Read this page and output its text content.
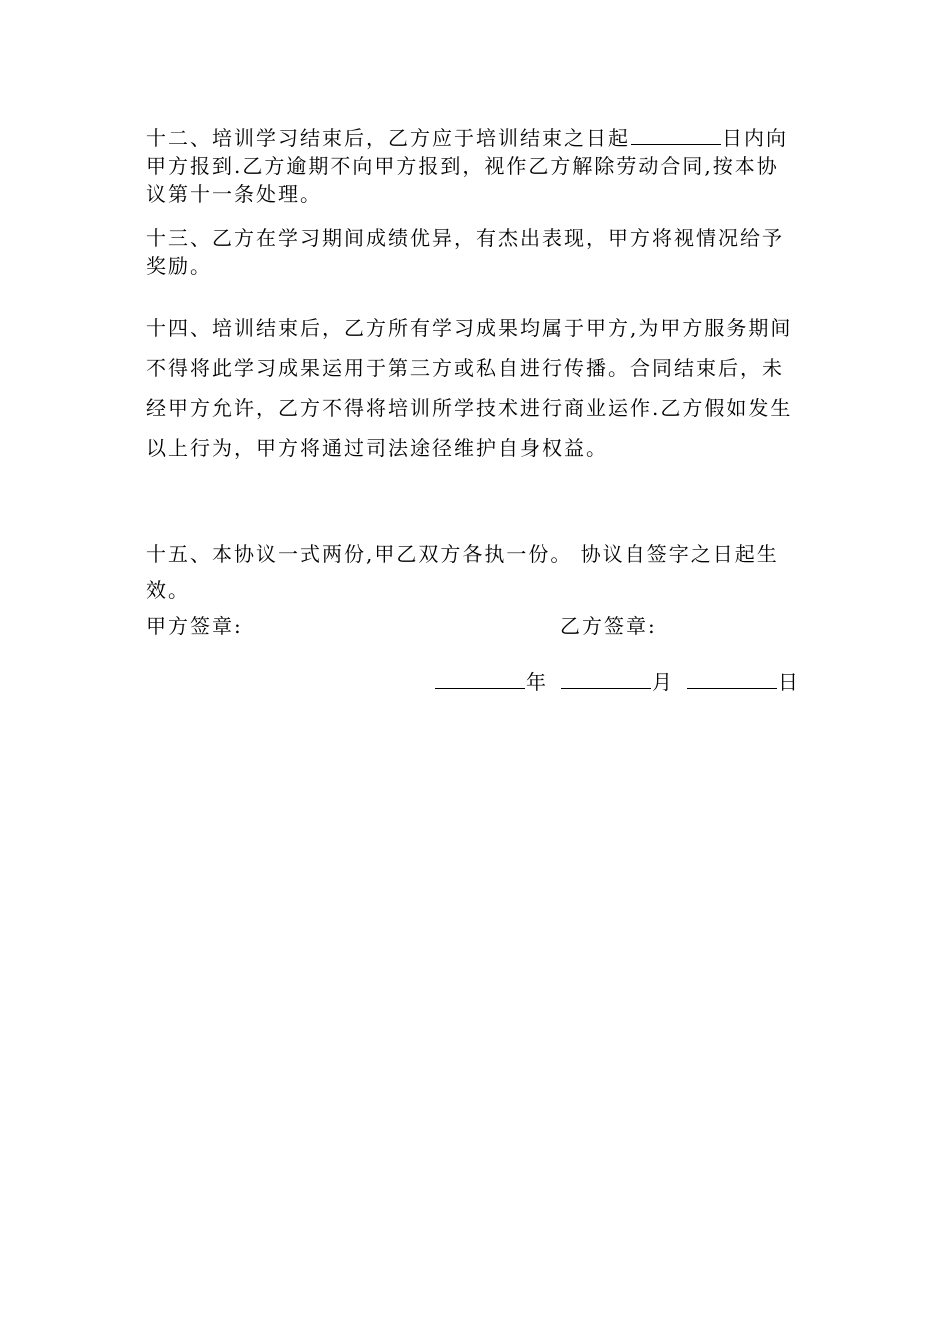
十二、培训学习结束后，乙方应于培训结束之日起	日内向
甲方报到.乙方逾期不向甲方报到，视作乙方解除劳动合同,按本协
议第十一条处理。
十三、乙方在学习期间成绩优异，有杰出表现，甲方将视情况给予
奖励。
十四、培训结束后，乙方所有学习成果均属于甲方,为甲方服务期间
不得将此学习成果运用于第三方或私自进行传播。合同结束后，未
经甲方允许，乙方不得将培训所学技术进行商业运作.乙方假如发生
以上行为，甲方将通过司法途径维护自身权益。
十五、本协议一式两份,甲乙双方各执一份。 协议自签字之日起生
效。
甲方签章:	乙方签章:
年	月	日
